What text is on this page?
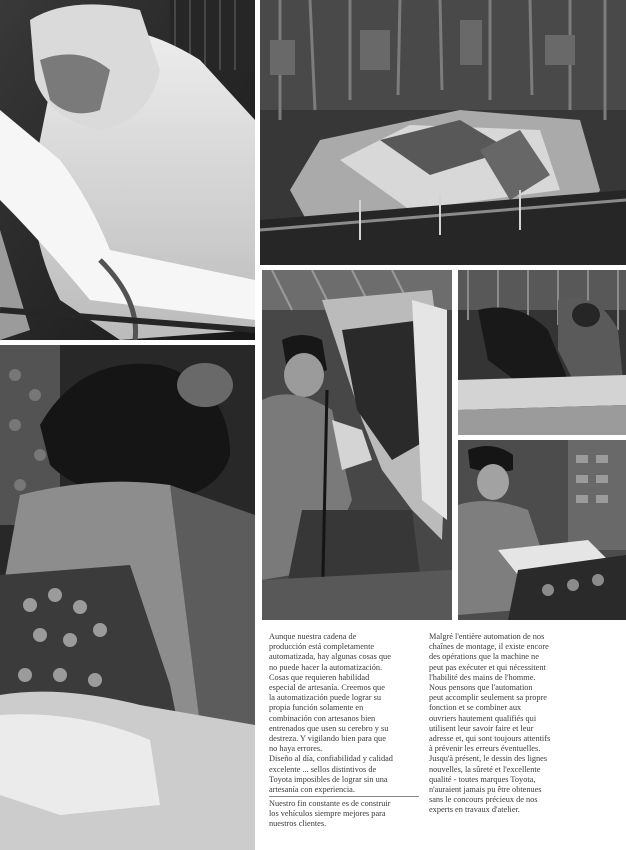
Aunque nuestra cadena de
producción está completamente
automatizada, hay algunas cosas que
no puede hacer la automatización.
Cosas que requieren habilidad
especial de artesanía. Creemos que
la automatización puede lograr su
propia función solamente en
combinación con artesanos bien
entrenados que usen su cerebro y su
destreza. Y vigilando bien para que
no haya errores.
Diseño al día, confiabilidad y calidad
excelente ... sellos distintivos de
Toyota imposibles de lograr sin una
artesanía con experiencia.

Nuestro fin constante es de construir
los vehículos siempre mejores para
nuestros clientes.

Malgré l'entière automation de nos
chaînes de montage, il existe encore
des opérations que la machine ne
peut pas exécuter et qui nécessitent
l'habilité des mains de l'homme.
Nous pensons que l'automation
peut accomplir seulement sa propre
fonction et se combiner aux
ouvriers hautement qualifiés qui
utilisent leur savoir faire et leur
adresse et, qui sont toujours attentifs
à prévenir les erreurs éventuelles.
Jusqu'à présent, le dessin des lignes
nouvelles, la sûreté et l'excellente
qualité - toutes marques Toyota,
n'auraient jamais pu être obtenues
sans le concours précieux de nos
experts en travaux d'atelier.
